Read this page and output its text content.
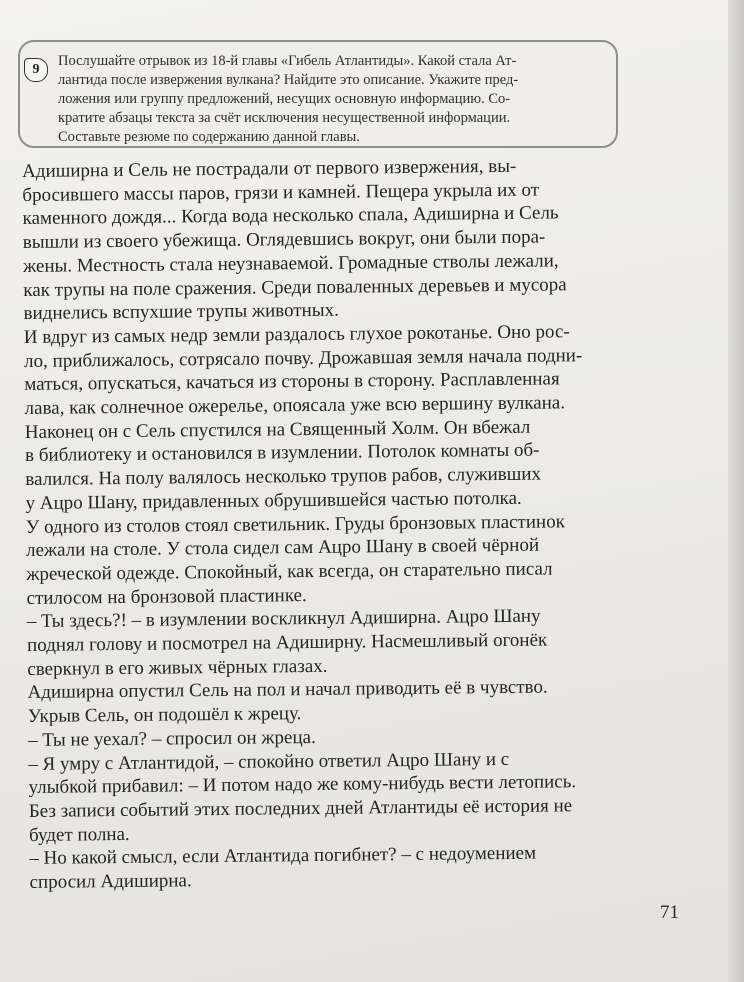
9

Послушайте отрывок из 18-й главы «Гибель Атлантиды». Какой стала Ат-
лантида после извержения вулкана? Найдите это описание. Укажите пред-
ложения или группу предложений, несущих основную информацию. Со-
кратите абзацы текста за счёт исключения несущественной информации.
Составьте резюме по содержанию данной главы.

Адиширна и Сель не пострадали от первого извержения, вы-
бросившего массы паров, грязи и камней. Пещера укрыла их от
каменного дождя... Когда вода несколько спала, Адиширна и Сель
вышли из своего убежища. Оглядевшись вокруг, они были пора-
жены. Местность стала неузнаваемой. Громадные стволы лежали,
как трупы на поле сражения. Среди поваленных деревьев и мусора
виднелись вспухшие трупы животных.

И вдруг из самых недр земли раздалось глухое рокотанье. Оно рос-
ло, приближалось, сотрясало почву. Дрожавшая земля начала подни-
маться, опускаться, качаться из стороны в сторону. Расплавленная
лава, как солнечное ожерелье, опоясала уже всю вершину вулкана.

Наконец он с Сель спустился на Священный Холм. Он вбежал
в библиотеку и остановился в изумлении. Потолок комнаты об-
валился. На полу валялось несколько трупов рабов, служивших
у Ацро Шану, придавленных обрушившейся частью потолка.
У одного из столов стоял светильник. Груды бронзовых пластинок
лежали на столе. У стола сидел сам Ацро Шану в своей чёрной
жреческой одежде. Спокойный, как всегда, он старательно писал
стилосом на бронзовой пластинке.

– Ты здесь?! – в изумлении воскликнул Адиширна. Ацро Шану
поднял голову и посмотрел на Адиширну. Насмешливый огонёк
сверкнул в его живых чёрных глазах.

Адиширна опустил Сель на пол и начал приводить её в чувство.
Укрыв Сель, он подошёл к жрецу.

– Ты не уехал? – спросил он жреца.

– Я умру с Атлантидой, – спокойно ответил Ацро Шану и с
улыбкой прибавил: – И потом надо же кому-нибудь вести летопись.
Без записи событий этих последних дней Атлантиды её история не
будет полна.

– Но какой смысл, если Атлантида погибнет? – с недоумением
спросил Адиширна.

71
